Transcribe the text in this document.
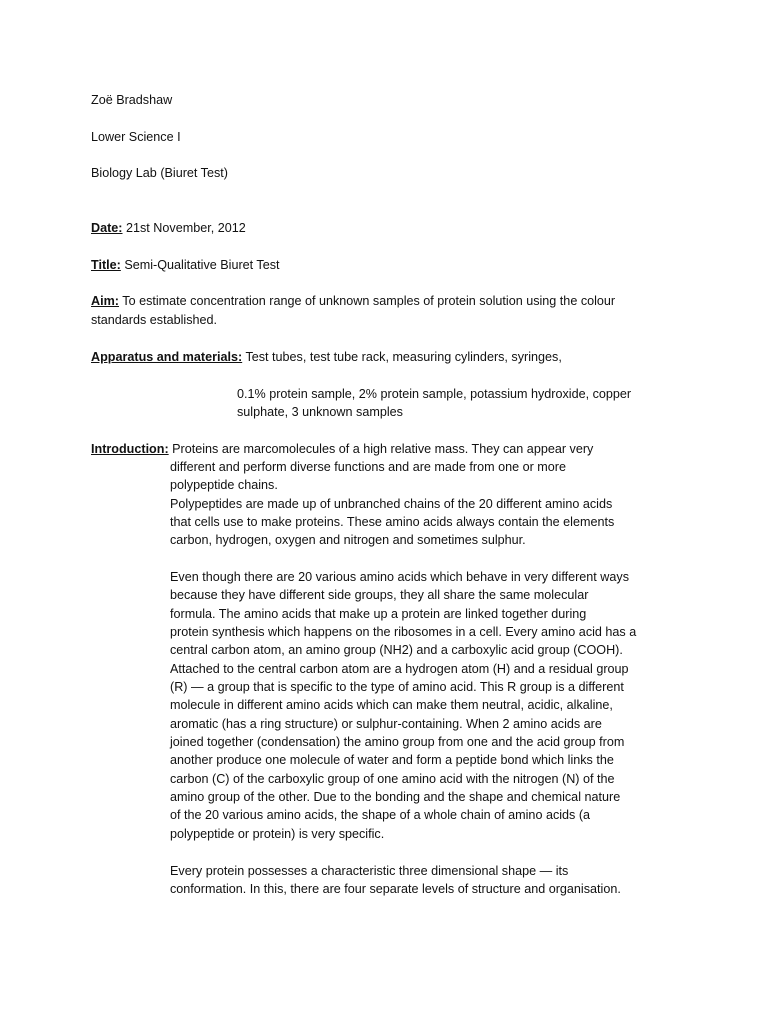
Zoë Bradshaw
Lower Science I
Biology Lab (Biuret Test)
Date: 21st November, 2012
Title: Semi-Qualitative Biuret Test
Aim: To estimate concentration range of unknown samples of protein solution using the colour
standards established.
Apparatus and materials: Test tubes, test tube rack, measuring cylinders, syringes,
0.1% protein sample, 2% protein sample, potassium hydroxide, copper
sulphate, 3 unknown samples
Introduction: Proteins are marcomolecules of a high relative mass. They can appear very
different and perform diverse functions and are made from one or more
polypeptide chains.
Polypeptides are made up of unbranched chains of the 20 different amino acids
that cells use to make proteins. These amino acids always contain the elements
carbon, hydrogen, oxygen and nitrogen and sometimes sulphur.
Even though there are 20 various amino acids which behave in very different ways
because they have different side groups, they all share the same molecular
formula. The amino acids that make up a protein are linked together during
protein synthesis which happens on the ribosomes in a cell. Every amino acid has a
central carbon atom, an amino group (NH2) and a carboxylic acid group (COOH).
Attached to the central carbon atom are a hydrogen atom (H) and a residual group
(R) — a group that is specific to the type of amino acid. This R group is a different
molecule in different amino acids which can make them neutral, acidic, alkaline,
aromatic (has a ring structure) or sulphur-containing. When 2 amino acids are
joined together (condensation) the amino group from one and the acid group from
another produce one molecule of water and form a peptide bond which links the
carbon (C) of the carboxylic group of one amino acid with the nitrogen (N) of the
amino group of the other. Due to the bonding and the shape and chemical nature
of the 20 various amino acids, the shape of a whole chain of amino acids (a
polypeptide or protein) is very specific.
Every protein possesses a characteristic three dimensional shape — its
conformation. In this, there are four separate levels of structure and organisation.
